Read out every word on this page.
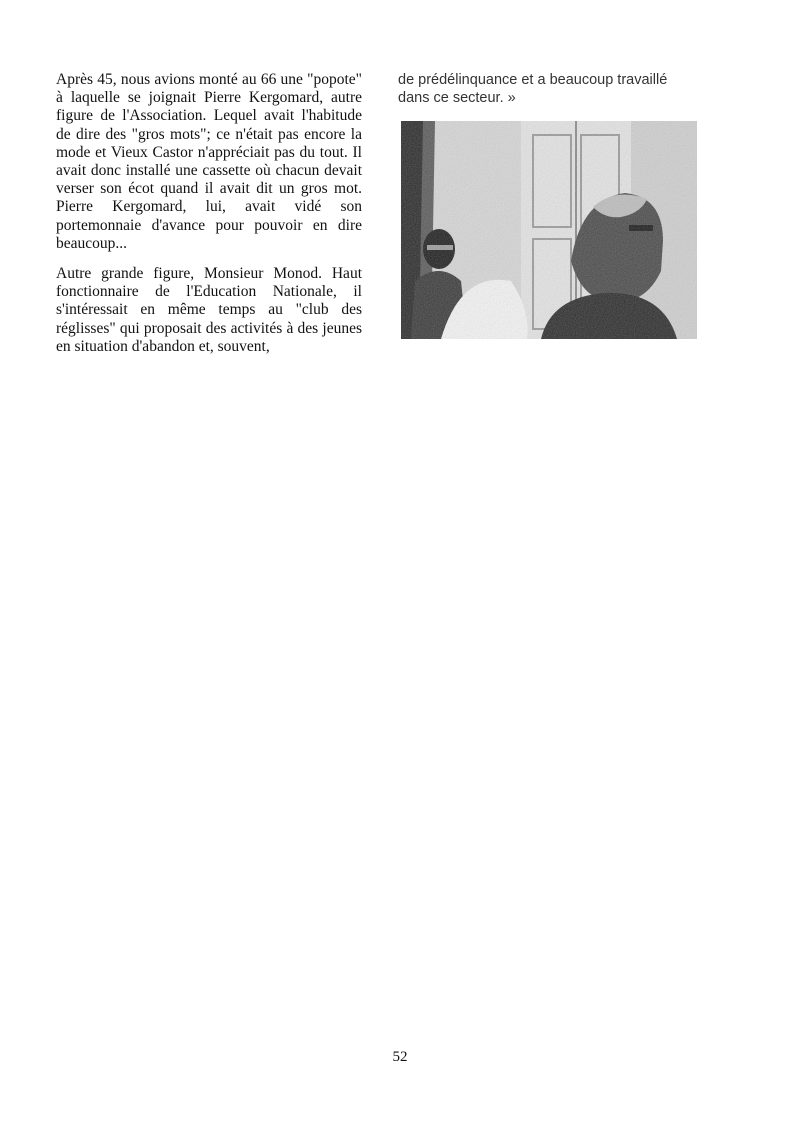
Après 45, nous avions monté au 66 une "popote" à laquelle se joignait Pierre Kergomard, autre figure de l'Association. Lequel avait l'habitude de dire des "gros mots"; ce n'était pas encore la mode et Vieux Castor n'appréciait pas du tout. Il avait donc installé une cassette où chacun devait verser son écot quand il avait dit un gros mot. Pierre Kergomard, lui, avait vidé son portemonnaie d'avance pour pouvoir en dire beaucoup...

Autre grande figure, Monsieur Monod. Haut fonctionnaire de l'Education Nationale, il s'intéressait en même temps au "club des réglisses" qui proposait des activités à des jeunes en situation d'abandon et, souvent,

de prédélinquance et a beaucoup travaillé dans ce secteur. »

52
